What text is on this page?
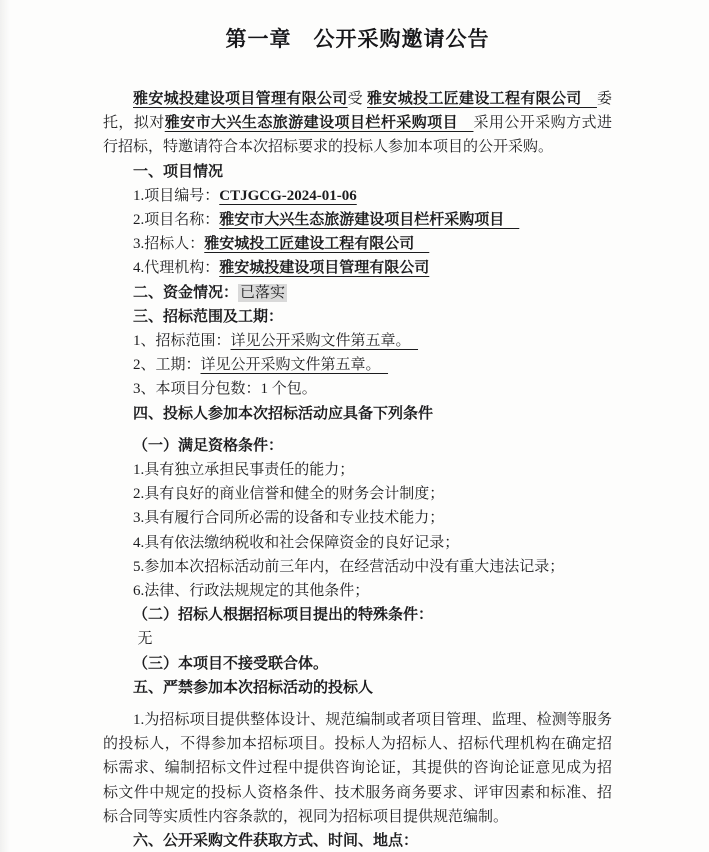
第一章　公开采购邀请公告

雅安城投建设项目管理有限公司受 雅安城投工匠建设工程有限公司　委托，拟对雅安市大兴生态旅游建设项目栏杆采购项目　采用公开采购方式进行招标，特邀请符合本次招标要求的投标人参加本项目的公开采购。

一、项目情况

1.项目编号：CTJGCG-2024-01-06

2.项目名称：雅安市大兴生态旅游建设项目栏杆采购项目　

3.招标人：雅安城投工匠建设工程有限公司　

4.代理机构：雅安城投建设项目管理有限公司

二、资金情况： 已落实

三、招标范围及工期：

1、招标范围：详见公开采购文件第五章。　

2、工期：详见公开采购文件第五章。　

3、本项目分包数：1 个包。

四、投标人参加本次招标活动应具备下列条件

（一）满足资格条件：

1.具有独立承担民事责任的能力；

2.具有良好的商业信誉和健全的财务会计制度；

3.具有履行合同所必需的设备和专业技术能力；

4.具有依法缴纳税收和社会保障资金的良好记录；

5.参加本次招标活动前三年内，在经营活动中没有重大违法记录；

6.法律、行政法规规定的其他条件；

（二）招标人根据招标项目提出的特殊条件：

无

（三）本项目不接受联合体。

五、严禁参加本次招标活动的投标人

1.为招标项目提供整体设计、规范编制或者项目管理、监理、检测等服务的投标人，不得参加本招标项目。投标人为招标人、招标代理机构在确定招标需求、编制招标文件过程中提供咨询论证，其提供的咨询论证意见成为招标文件中规定的投标人资格条件、技术服务商务要求、评审因素和标准、招标合同等实质性内容条款的，视同为招标项目提供规范编制。

六、公开采购文件获取方式、时间、地点：
